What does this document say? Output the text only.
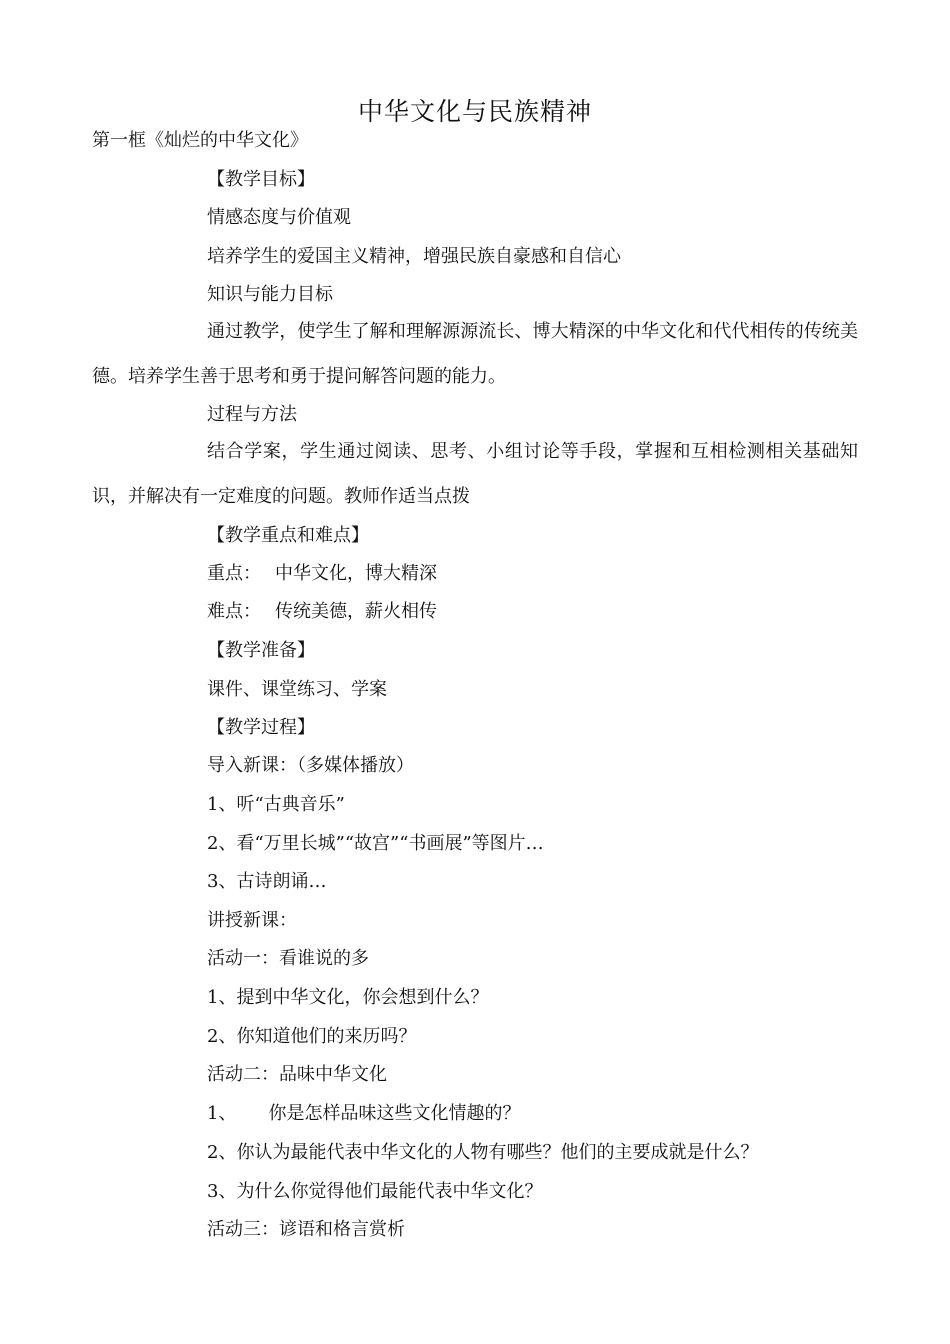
中华文化与民族精神
第一框《灿烂的中华文化》
【教学目标】
情感态度与价值观
培养学生的爱国主义精神，增强民族自豪感和自信心
知识与能力目标
通过教学，使学生了解和理解源源流长、博大精深的中华文化和代代相传的传统美德。培养学生善于思考和勇于提问解答问题的能力。
过程与方法
结合学案，学生通过阅读、思考、小组讨论等手段，掌握和互相检测相关基础知识，并解决有一定难度的问题。教师作适当点拨
【教学重点和难点】
重点： 中华文化，博大精深
难点： 传统美德，薪火相传
【教学准备】
课件、课堂练习、学案
【教学过程】
导入新课：（多媒体播放）
1、听“古典音乐”
2、看“万里长城”“故宫”“书画展”等图片…
3、古诗朗诵…
讲授新课：
活动一：看谁说的多
1、提到中华文化，你会想到什么？
2、你知道他们的来历吗？
活动二：品味中华文化
1、 你是怎样品味这些文化情趣的？
2、你认为最能代表中华文化的人物有哪些？他们的主要成就是什么？
3、为什么你觉得他们最能代表中华文化？
活动三：谚语和格言赏析
